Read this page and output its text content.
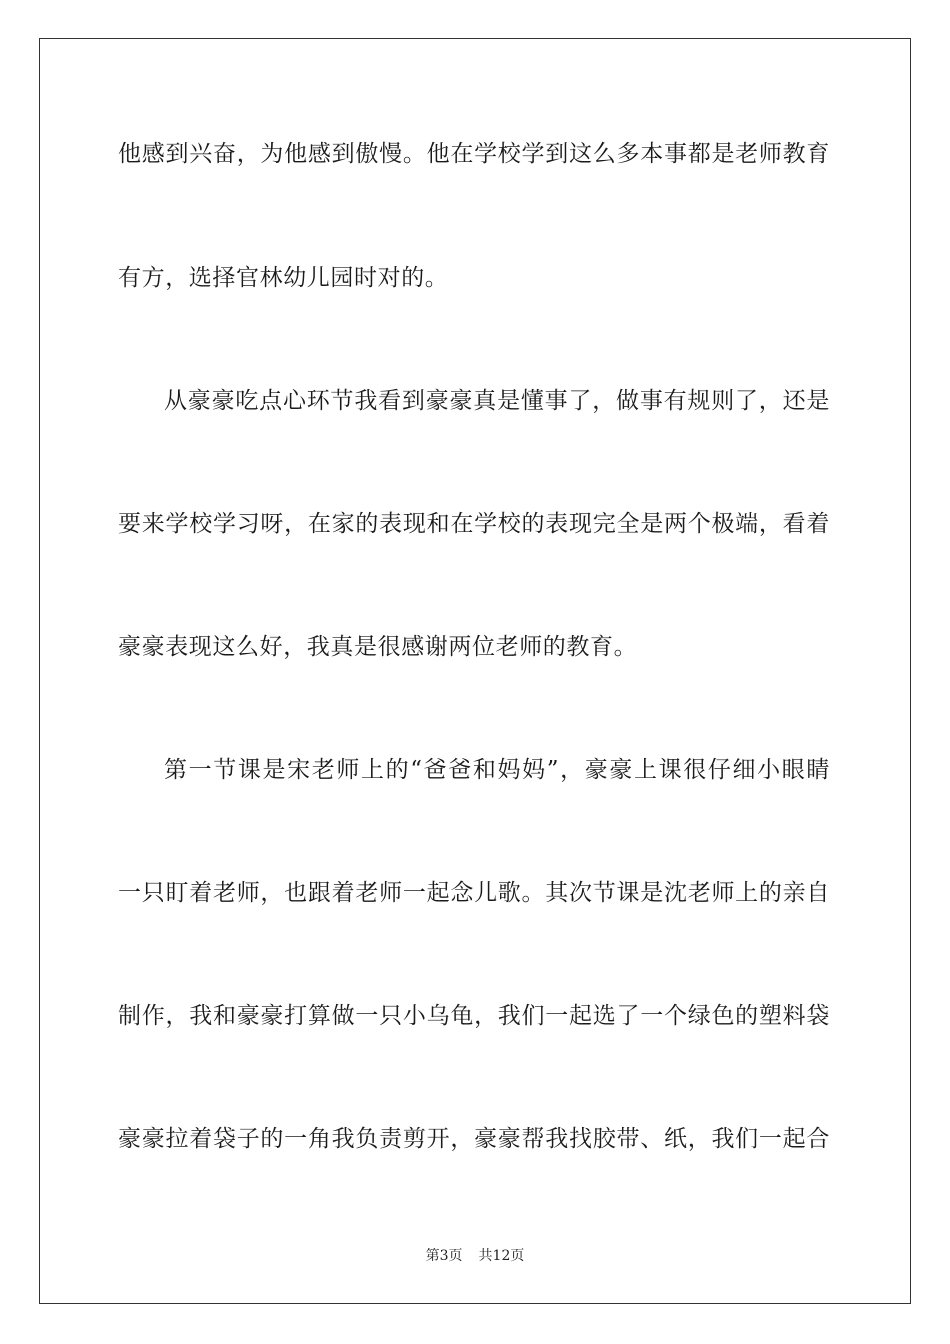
他感到兴奋，为他感到傲慢。他在学校学到这么多本事都是老师教育
有方，选择官林幼儿园时对的。
从豪豪吃点心环节我看到豪豪真是懂事了，做事有规则了，还是
要来学校学习呀，在家的表现和在学校的表现完全是两个极端，看着
豪豪表现这么好，我真是很感谢两位老师的教育。
第一节课是宋老师上的“爸爸和妈妈”，豪豪上课很仔细小眼睛
一只盯着老师，也跟着老师一起念儿歌。其次节课是沈老师上的亲自
制作，我和豪豪打算做一只小乌龟，我们一起选了一个绿色的塑料袋
豪豪拉着袋子的一角我负责剪开，豪豪帮我找胶带、纸，我们一起合
第3页 共12页
